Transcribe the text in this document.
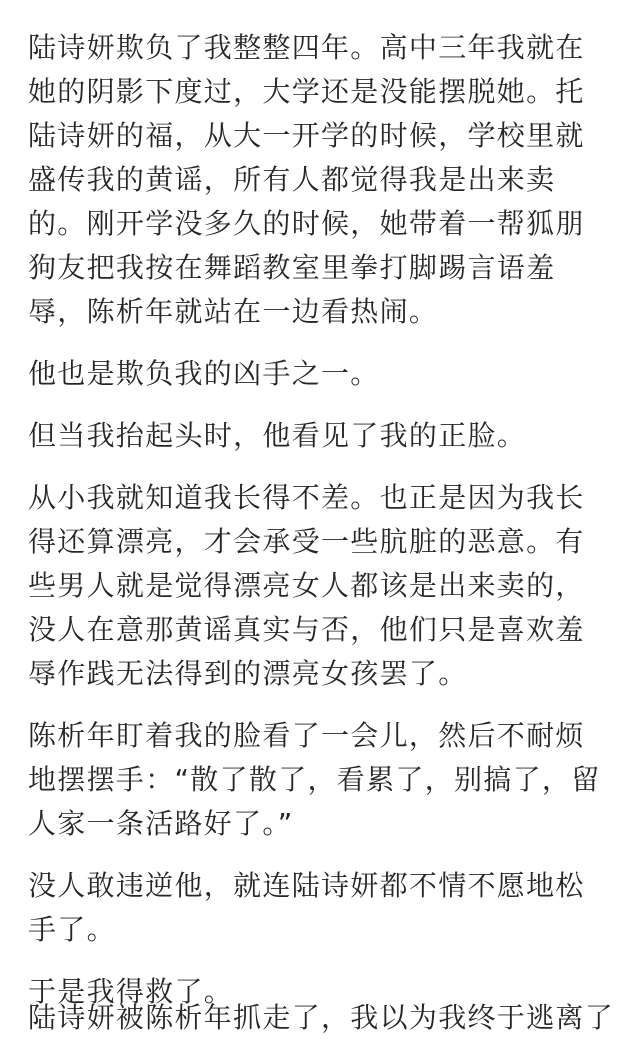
陆诗妍欺负了我整整四年。高中三年我就在
她的阴影下度过，大学还是没能摆脱她。托
陆诗妍的福，从大一开学的时候，学校里就
盛传我的黄谣，所有人都觉得我是出来卖
的。刚开学没多久的时候，她带着一帮狐朋
狗友把我按在舞蹈教室里拳打脚踢言语羞
辱，陈析年就站在一边看热闹。

他也是欺负我的凶手之一。

但当我抬起头时，他看见了我的正脸。

从小我就知道我长得不差。也正是因为我长
得还算漂亮，才会承受一些肮脏的恶意。有
些男人就是觉得漂亮女人都该是出来卖的，
没人在意那黄谣真实与否，他们只是喜欢羞
辱作践无法得到的漂亮女孩罢了。

陈析年盯着我的脸看了一会儿，然后不耐烦
地摆摆手：“散了散了，看累了，别搞了，留
人家一条活路好了。”

没人敢违逆他，就连陆诗妍都不情不愿地松
手了。

于是我得救了。

陆诗妍被陈析年抓走了，我以为我终于逃离了
